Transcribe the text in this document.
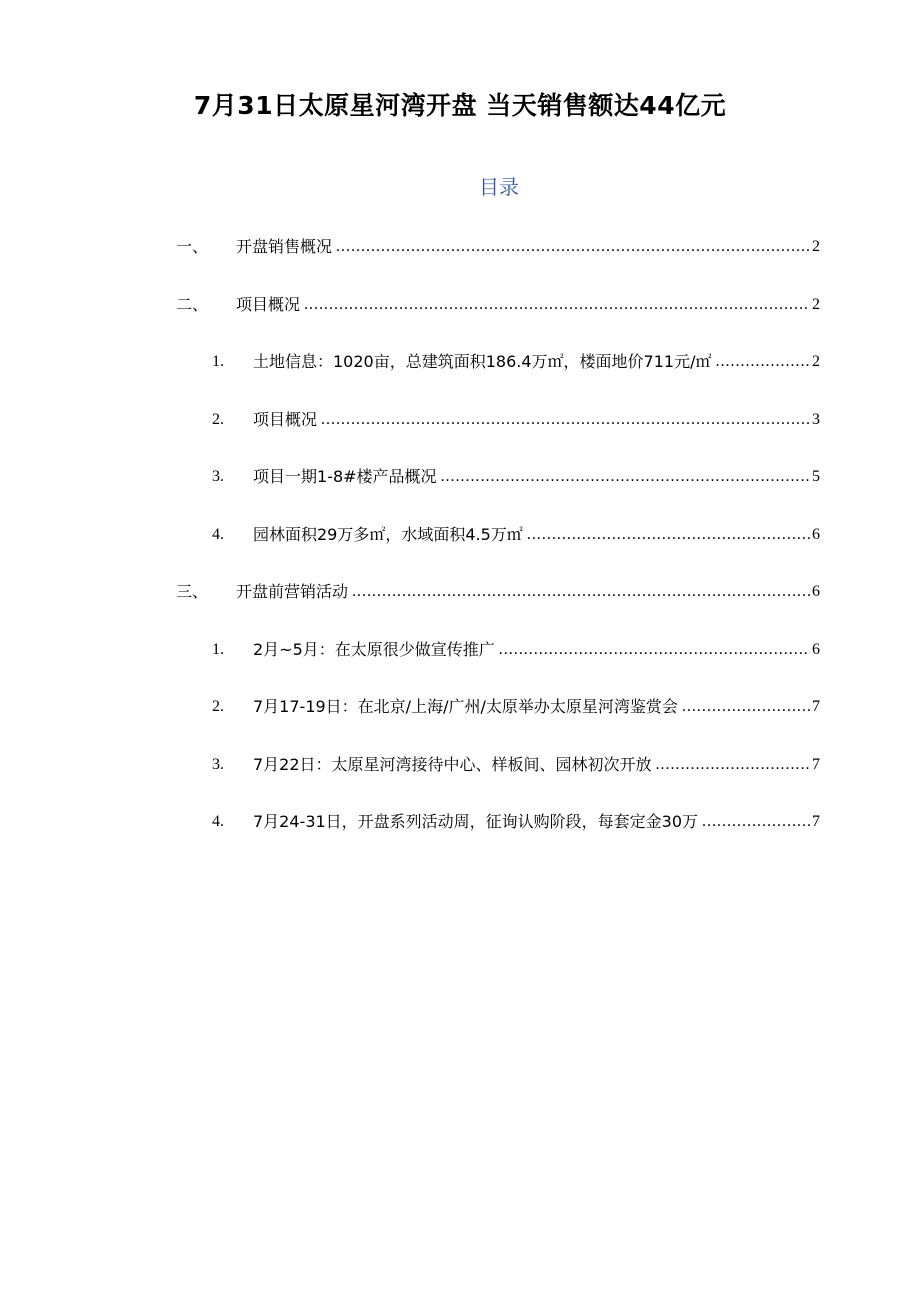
7月31日太原星河湾开盘 当天销售额达44亿元
目录
一、	开盘销售概况 .....	2
二、	项目概况 .....	2
1.	土地信息：1020亩，总建筑面积186.4万㎡，楼面地价711元/㎡ .....	2
2.	项目概况 .....	3
3.	项目一期1-8#楼产品概况 .....	5
4.	园林面积29万多㎡，水域面积4.5万㎡ .....	6
三、	开盘前营销活动 .....	6
1.	2月~5月：在太原很少做宣传推广 .....	6
2.	7月17-19日：在北京/上海/广州/太原举办太原星河湾鉴赏会 .....	7
3.	7月22日：太原星河湾接待中心、样板间、园林初次开放 .....	7
4.	7月24-31日，开盘系列活动周，征询认购阶段，每套定金30万 .....	7
